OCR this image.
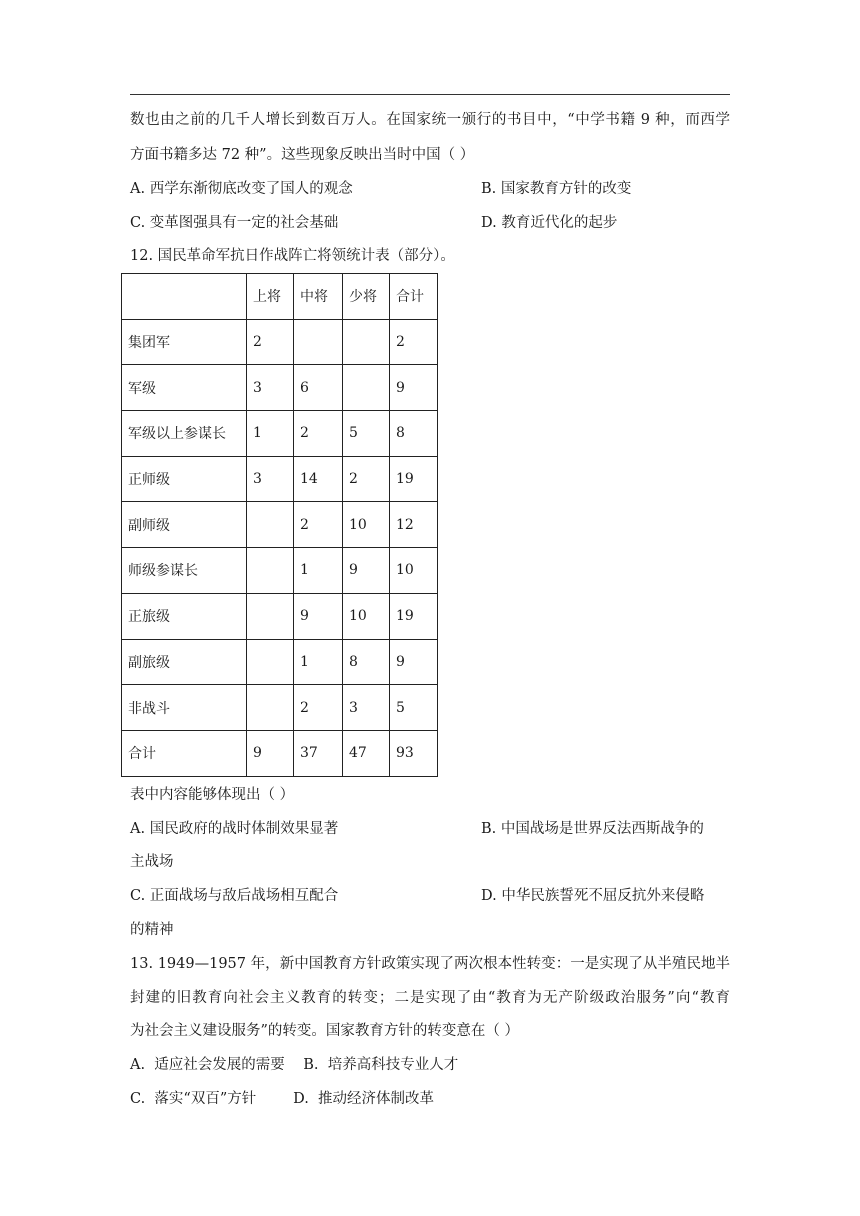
数也由之前的几千人增长到数百万人。在国家统一颁行的书目中，“中学书籍 9 种，而西学
方面书籍多达 72 种”。这些现象反映出当时中国（ ）
A. 西学东渐彻底改变了国人的观念	B. 国家教育方针的改变
C. 变革图强具有一定的社会基础	D. 教育近代化的起步
12. 国民革命军抗日作战阵亡将领统计表（部分）。
	上将	中将	少将	合计
集团军	2			2
军级	3	6		9
军级以上参谋长	1	2	5	8
正师级	3	14	2	19
副师级		2	10	12
师级参谋长		1	9	10
正旅级		9	10	19
副旅级		1	8	9
非战斗		2	3	5
合计	9	37	47	93
表中内容能够体现出（ ）
A. 国民政府的战时体制效果显著	B. 中国战场是世界反法西斯战争的
主战场
C. 正面战场与敌后战场相互配合	D. 中华民族誓死不屈反抗外来侵略
的精神
13. 1949—1957 年，新中国教育方针政策实现了两次根本性转变：一是实现了从半殖民地半
封建的旧教育向社会主义教育的转变；二是实现了由“教育为无产阶级政治服务”向“教育
为社会主义建设服务”的转变。国家教育方针的转变意在（ ）
A.  适应社会发展的需要    B.  培养高科技专业人才
C.  落实“双百”方针        D.  推动经济体制改革
